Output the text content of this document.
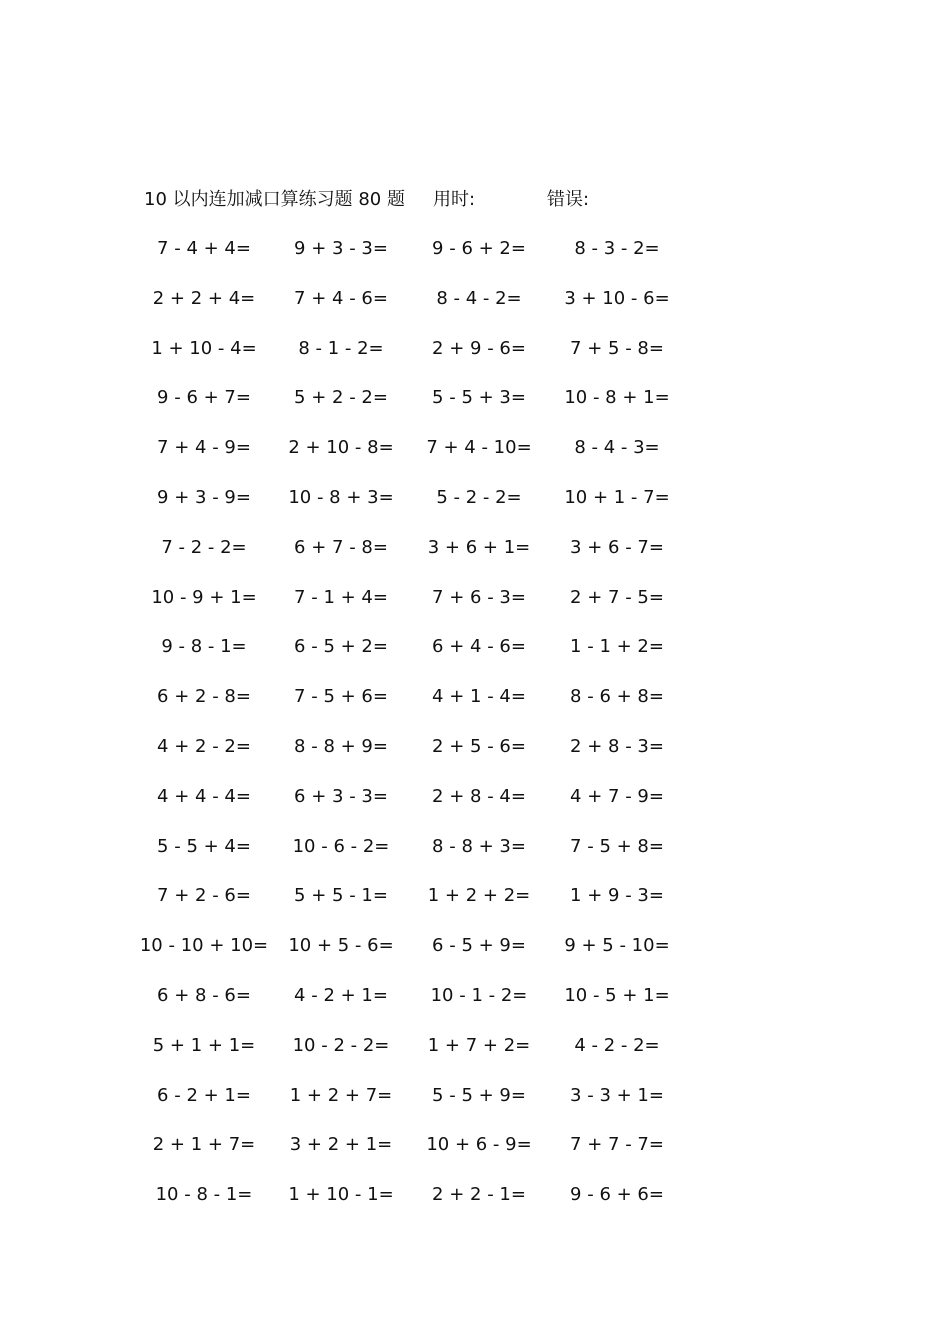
10 以内连加减口算练习题 80 题 用时:	错误:
7 - 4 + 4=	9 + 3 - 3=	9 - 6 + 2=	8 - 3 - 2=
2 + 2 + 4=	7 + 4 - 6=	8 - 4 - 2=	3 + 10 - 6=
1 + 10 - 4=	8 - 1 - 2=	2 + 9 - 6=	7 + 5 - 8=
9 - 6 + 7=	5 + 2 - 2=	5 - 5 + 3=	10 - 8 + 1=
7 + 4 - 9=	2 + 10 - 8=	7 + 4 - 10=	8 - 4 - 3=
9 + 3 - 9=	10 - 8 + 3=	5 - 2 - 2=	10 + 1 - 7=
7 - 2 - 2=	6 + 7 - 8=	3 + 6 + 1=	3 + 6 - 7=
10 - 9 + 1=	7 - 1 + 4=	7 + 6 - 3=	2 + 7 - 5=
9 - 8 - 1=	6 - 5 + 2=	6 + 4 - 6=	1 - 1 + 2=
6 + 2 - 8=	7 - 5 + 6=	4 + 1 - 4=	8 - 6 + 8=
4 + 2 - 2=	8 - 8 + 9=	2 + 5 - 6=	2 + 8 - 3=
4 + 4 - 4=	6 + 3 - 3=	2 + 8 - 4=	4 + 7 - 9=
5 - 5 + 4=	10 - 6 - 2=	8 - 8 + 3=	7 - 5 + 8=
7 + 2 - 6=	5 + 5 - 1=	1 + 2 + 2=	1 + 9 - 3=
10 - 10 + 10=	10 + 5 - 6=	6 - 5 + 9=	9 + 5 - 10=
6 + 8 - 6=	4 - 2 + 1=	10 - 1 - 2=	10 - 5 + 1=
5 + 1 + 1=	10 - 2 - 2=	1 + 7 + 2=	4 - 2 - 2=
6 - 2 + 1=	1 + 2 + 7=	5 - 5 + 9=	3 - 3 + 1=
2 + 1 + 7=	3 + 2 + 1=	10 + 6 - 9=	7 + 7 - 7=
10 - 8 - 1=	1 + 10 - 1=	2 + 2 - 1=	9 - 6 + 6=
